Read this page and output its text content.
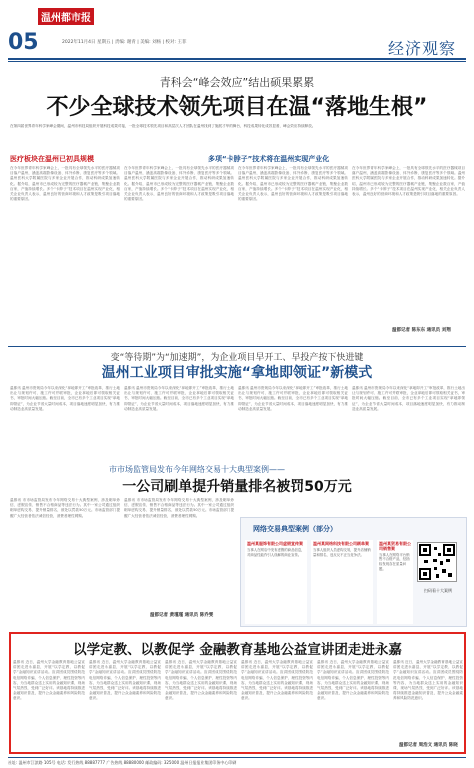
05
温州都市报
2022年11月4日 星期五 | 责编: 谢青 | 美编: 刘杨 | 校对: 王菲	经济观察
青科会“峰会效应”结出硕果累累
不少全球技术领先项目在温“落地生根”
在第四届世界青年科学家峰会期间，温州市科技局组织开展科技成果对接，一批全球技术领先项目和高层次人才团队在温州找到了施展才华的舞台，科技成果转化成效显著，峰会效应持续释放。
医疗板块在温州已初具规模	多项“卡脖子”技术将在温州实现产业化
在今年世界青年科学家峰会上，一批具有全球领先水平的医疗器械项目落户温州，涵盖高端影像设备、体外诊断、康复医疗等多个领域。温州医科大学附属医院与多家企业开展合作，推动科研成果加速转化。据介绍，温州市已形成较为完整的医疗器械产业链，集聚企业数百家，产值持续增长。多个“卡脖子”技术项目在温州实现产业化，相关企业负责人表示，温州良好的营商环境和人才政策是吸引项目落地的重要原因。
在今年世界青年科学家峰会上，一批具有全球领先水平的医疗器械项目落户温州，涵盖高端影像设备、体外诊断、康复医疗等多个领域。温州医科大学附属医院与多家企业开展合作，推动科研成果加速转化。据介绍，温州市已形成较为完整的医疗器械产业链，集聚企业数百家，产值持续增长。多个“卡脖子”技术项目在温州实现产业化，相关企业负责人表示，温州良好的营商环境和人才政策是吸引项目落地的重要原因。
在今年世界青年科学家峰会上，一批具有全球领先水平的医疗器械项目落户温州，涵盖高端影像设备、体外诊断、康复医疗等多个领域。温州医科大学附属医院与多家企业开展合作，推动科研成果加速转化。据介绍，温州市已形成较为完整的医疗器械产业链，集聚企业数百家，产值持续增长。多个“卡脖子”技术项目在温州实现产业化，相关企业负责人表示，温州良好的营商环境和人才政策是吸引项目落地的重要原因。
在今年世界青年科学家峰会上，一批具有全球领先水平的医疗器械项目落户温州，涵盖高端影像设备、体外诊断、康复医疗等多个领域。温州医科大学附属医院与多家企业开展合作，推动科研成果加速转化。据介绍，温州市已形成较为完整的医疗器械产业链，集聚企业数百家，产值持续增长。多个“卡脖子”技术项目在温州实现产业化，相关企业负责人表示，温州良好的营商环境和人才政策是吸引项目落地的重要原因。
温都记者 陈东东 通讯员 刘翔
变“等待期”为“加速期”，为企业项目早开工、早投产按下快进键
温州工业项目审批实施“拿地即领证”新模式
温都讯 温州市资规局今年以来深化“拿地即开工”审批改革，推行土地出让与规划许可、施工许可并联审批，企业拿地后即可领取相关证书，审批时间大幅压缩。截至目前，全市已有多个工业项目实现“拿地即领证”，为企业节省大量时间成本，项目落地速度明显加快，有力推动制造业高质量发展。
温都讯 温州市资规局今年以来深化“拿地即开工”审批改革，推行土地出让与规划许可、施工许可并联审批，企业拿地后即可领取相关证书，审批时间大幅压缩。截至目前，全市已有多个工业项目实现“拿地即领证”，为企业节省大量时间成本，项目落地速度明显加快，有力推动制造业高质量发展。
温都讯 温州市资规局今年以来深化“拿地即开工”审批改革，推行土地出让与规划许可、施工许可并联审批，企业拿地后即可领取相关证书，审批时间大幅压缩。截至目前，全市已有多个工业项目实现“拿地即领证”，为企业节省大量时间成本，项目落地速度明显加快，有力推动制造业高质量发展。
温都讯 温州市资规局今年以来深化“拿地即开工”审批改革，推行土地出让与规划许可、施工许可并联审批，企业拿地后即可领取相关证书，审批时间大幅压缩。截至目前，全市已有多个工业项目实现“拿地即领证”，为企业节省大量时间成本，项目落地速度明显加快，有力推动制造业高质量发展。
市市场监管局发布今年网络交易十大典型案例——
一公司刷单提升销量排名被罚50万元
温都讯 市市场监管局发布今年网络交易十大典型案例，涉及刷单炒信、虚假宣传、销售不合格商品等违法行为。其中一家公司通过组织刷单虚构交易、提升销量排名，被处以罚款50万元。市场监管部门提醒广大经营者依法诚信经营，消费者理性网购。
温都讯 市市场监管局发布今年网络交易十大典型案例，涉及刷单炒信、虚假宣传、销售不合格商品等违法行为。其中一家公司通过组织刷单虚构交易、提升销量排名，被处以罚款50万元。市场监管部门提醒广大经营者依法诚信经营，消费者理性网购。
温都记者 黄瑾瑾 通讯员 陈乔雯
网络交易典型案例（部分）
温州某服饰有限公司虚假宣传案
当事人在网店中发布虚假的商品信息，对商品性能作引人误解的商业宣传。
温州某网络科技有限公司刷单案
当事人组织人员虚构交易，提升店铺销量和排名，违反反不正当竞争法。
温州某贸易有限公司销售案
当事人在网络平台销售不合格产品，经抽检发现存在质量问题。
扫码看十大案例
以学定教、以教促学 金融教育基地公益宣讲团走进永嘉
温都讯 近日，温州大学金融教育基地公益宣讲团走进永嘉县，开展“以学定教、以教促学”金融知识宣讲活动。宣讲团成员围绕防范电信网络诈骗、个人信息保护、理性投资等内容，为当地群众送上实用的金融知识课，现场气氛热烈，受到广泛好评。该基地将持续推进金融知识普及，提升公众金融素养和风险防范意识。
温都讯 近日，温州大学金融教育基地公益宣讲团走进永嘉县，开展“以学定教、以教促学”金融知识宣讲活动。宣讲团成员围绕防范电信网络诈骗、个人信息保护、理性投资等内容，为当地群众送上实用的金融知识课，现场气氛热烈，受到广泛好评。该基地将持续推进金融知识普及，提升公众金融素养和风险防范意识。
温都讯 近日，温州大学金融教育基地公益宣讲团走进永嘉县，开展“以学定教、以教促学”金融知识宣讲活动。宣讲团成员围绕防范电信网络诈骗、个人信息保护、理性投资等内容，为当地群众送上实用的金融知识课，现场气氛热烈，受到广泛好评。该基地将持续推进金融知识普及，提升公众金融素养和风险防范意识。
温都讯 近日，温州大学金融教育基地公益宣讲团走进永嘉县，开展“以学定教、以教促学”金融知识宣讲活动。宣讲团成员围绕防范电信网络诈骗、个人信息保护、理性投资等内容，为当地群众送上实用的金融知识课，现场气氛热烈，受到广泛好评。该基地将持续推进金融知识普及，提升公众金融素养和风险防范意识。
温都讯 近日，温州大学金融教育基地公益宣讲团走进永嘉县，开展“以学定教、以教促学”金融知识宣讲活动。宣讲团成员围绕防范电信网络诈骗、个人信息保护、理性投资等内容，为当地群众送上实用的金融知识课，现场气氛热烈，受到广泛好评。该基地将持续推进金融知识普及，提升公众金融素养和风险防范意识。
温都讯 近日，温州大学金融教育基地公益宣讲团走进永嘉县，开展“以学定教、以教促学”金融知识宣讲活动。宣讲团成员围绕防范电信网络诈骗、个人信息保护、理性投资等内容，为当地群众送上实用的金融知识课，现场气氛热烈，受到广泛好评。该基地将持续推进金融知识普及，提升公众金融素养和风险防范意识。
温都记者 周浩文 通讯员 陈晓
社址: 温州市江滨路 105号 电话: 发行热线 88887777 广告热线 88880000 邮政编码: 325000 温州日报报业集团印务中心印刷
